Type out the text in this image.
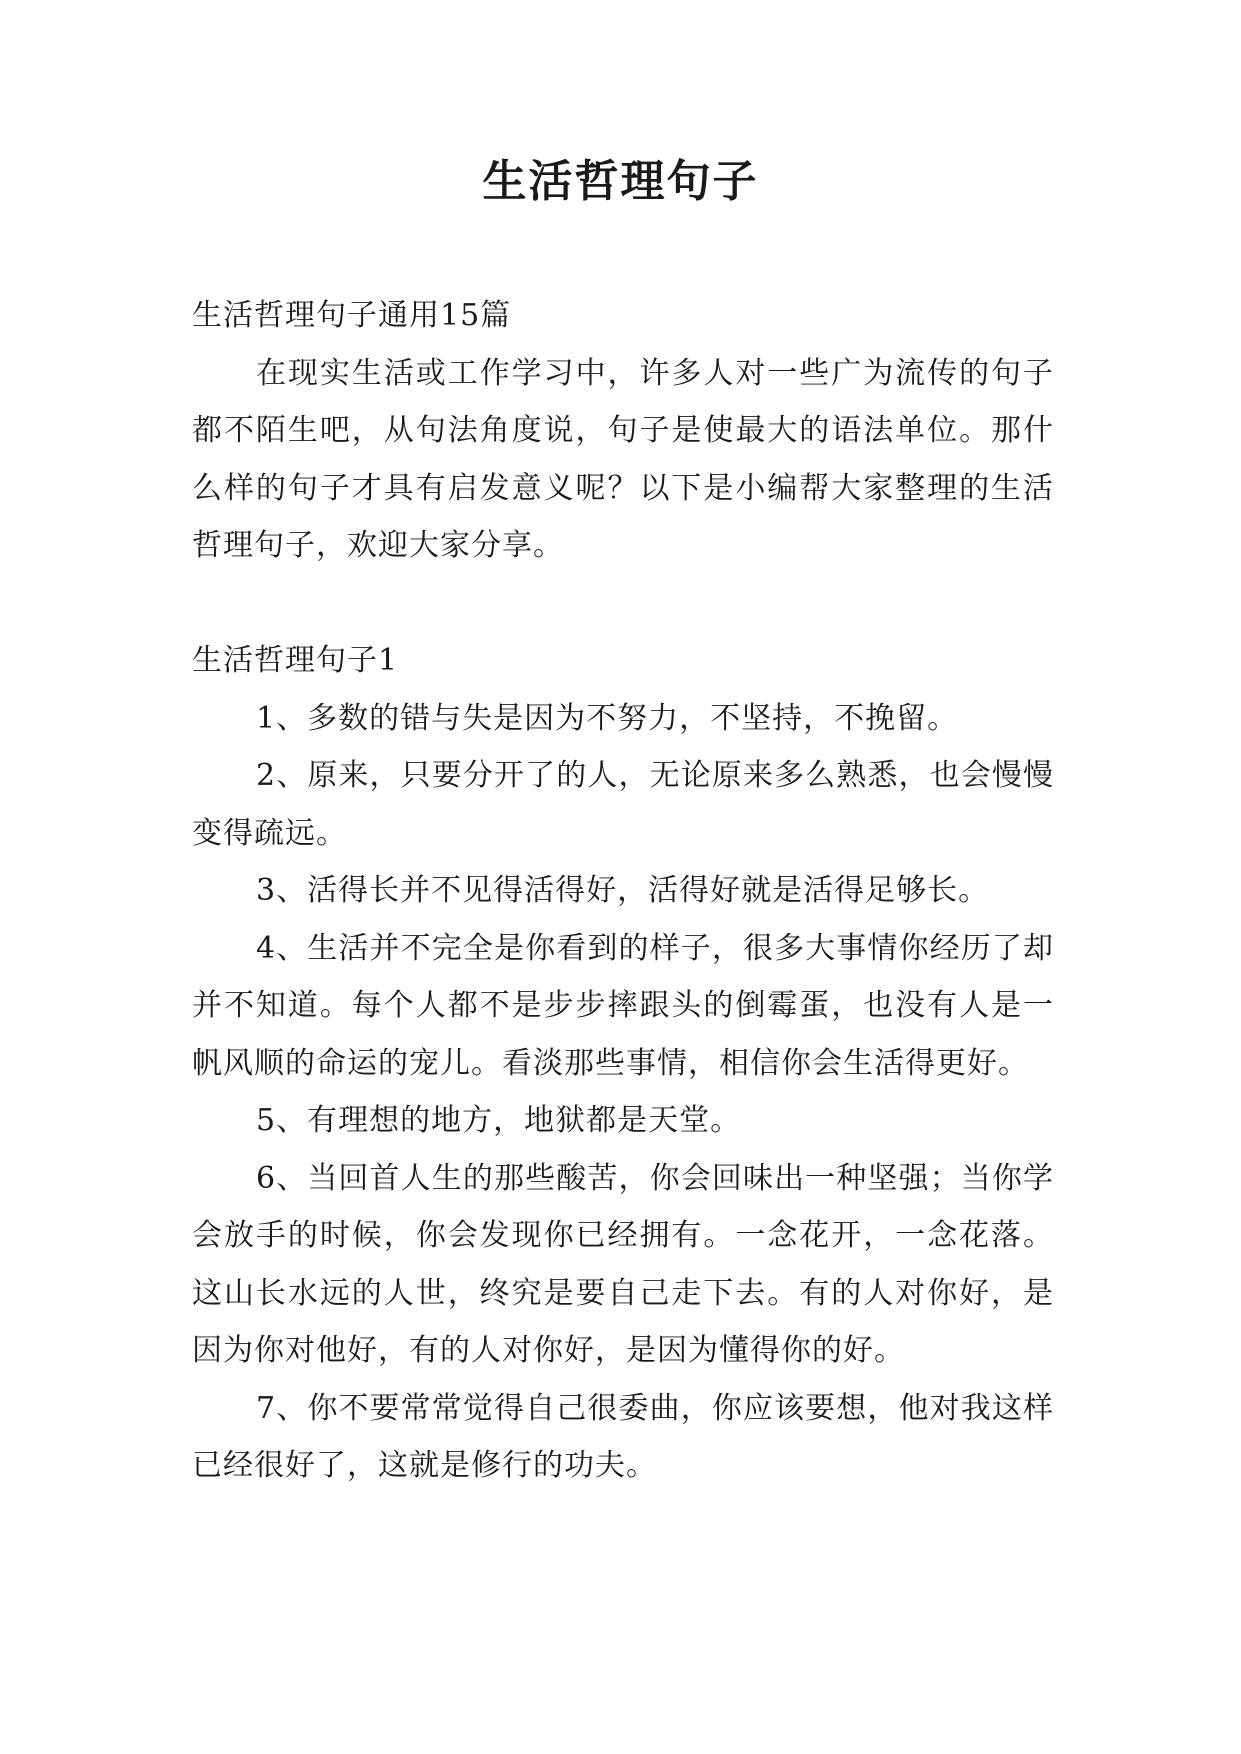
生活哲理句子

生活哲理句子通用15篇

在现实生活或工作学习中，许多人对一些广为流传的句子都不陌生吧，从句法角度说，句子是使最大的语法单位。那什么样的句子才具有启发意义呢？以下是小编帮大家整理的生活哲理句子，欢迎大家分享。

生活哲理句子1

1、多数的错与失是因为不努力，不坚持，不挽留。

2、原来，只要分开了的人，无论原来多么熟悉，也会慢慢变得疏远。

3、活得长并不见得活得好，活得好就是活得足够长。

4、生活并不完全是你看到的样子，很多大事情你经历了却并不知道。每个人都不是步步摔跟头的倒霉蛋，也没有人是一帆风顺的命运的宠儿。看淡那些事情，相信你会生活得更好。

5、有理想的地方，地狱都是天堂。

6、当回首人生的那些酸苦，你会回味出一种坚强；当你学会放手的时候，你会发现你已经拥有。一念花开，一念花落。这山长水远的人世，终究是要自己走下去。有的人对你好，是因为你对他好，有的人对你好，是因为懂得你的好。

7、你不要常常觉得自己很委曲，你应该要想，他对我这样已经很好了，这就是修行的功夫。
